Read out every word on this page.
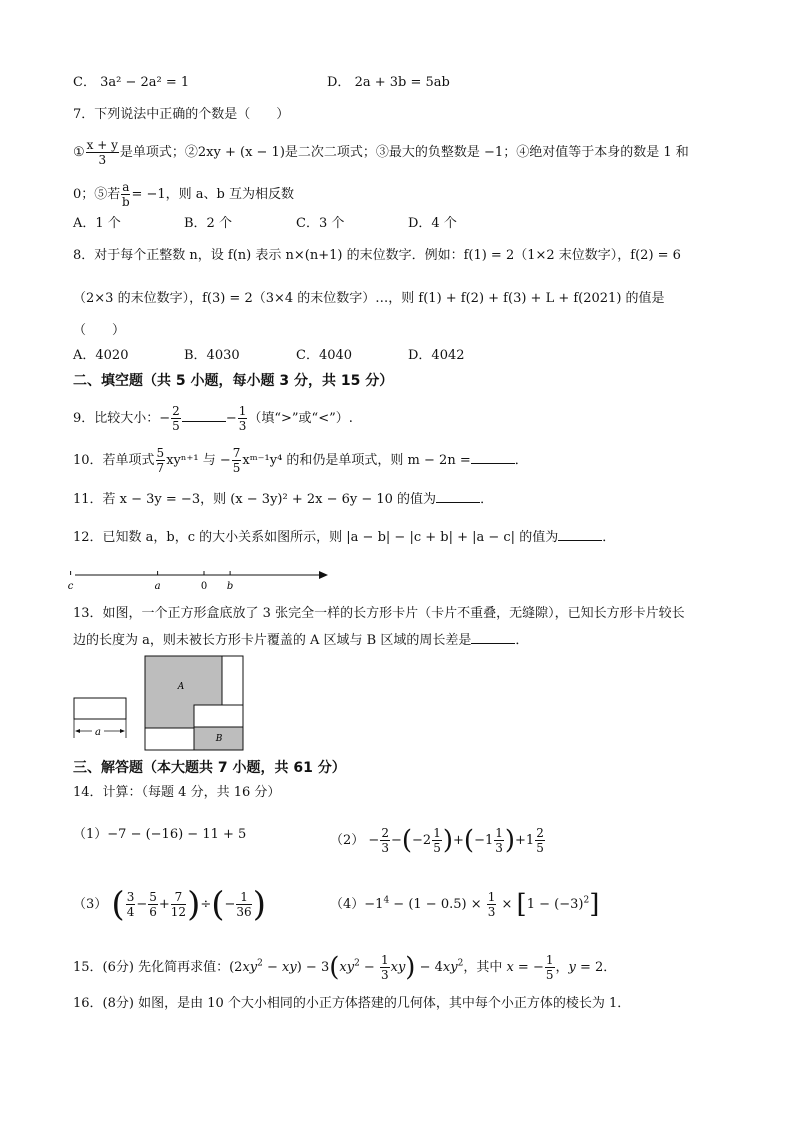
C． 3a² − 2a² = 1	D． 2a + 3b = 5ab
7．下列说法中正确的个数是（　　）
① $\frac{x + y}{3}$ 是单项式；②2xy + (x − 1)是二次二项式；③最大的负整数是 −1；④绝对值等于本身的数是 1 和
0；⑤若 $\frac{a}{b} = -1$，则 a、b 互为相反数
A．1 个	B．2 个	C．3 个	D．4 个
8．对于每个正整数 n，设 f(n) 表示 n×(n+1) 的末位数字．例如：f(1) = 2（1×2 末位数字），f(2) = 6
（2×3 的末位数字），f(3) = 2（3×4 的末位数字）…，则 f(1) + f(2) + f(3) + L + f(2021) 的值是
（　　）
A．4020	B．4030	C．4040	D．4042
二、填空题（共 5 小题，每小题 3 分，共 15 分）
9．比较大小：− $\frac{2}{5}$	− $\frac{1}{3}$ （填“>”或“<”）.
10．若单项式 $\frac{5}{7} xy^{n+1}$ 与 − $\frac{7}{5}$ xᵐ⁻¹y⁴ 的和仍是单项式，则 m − 2n =	．
11．若 x − 3y = −3，则 (x − 3y)² + 2x − 6y − 10 的值为	．
12．已知数 a，b，c 的大小关系如图所示，则 |a − b| − |c + b| + |a − c| 的值为	．
c	a	0 b
13．如图，一个正方形盒底放了 3 张完全一样的长方形卡片（卡片不重叠，无缝隙），已知长方形卡片较长
边的长度为 a，则未被长方形卡片覆盖的 A 区域与 B 区域的周长差是	．
a
A
B
三、解答题（本大题共 7 小题，共 61 分）
14．计算：（每题 4 分，共 16 分）
（1）−7 − (−16) − 11 + 5	$(2) - \frac{2}{3} -(-2 \frac{1}{5} )+(-1 \frac{1}{3} )+1 \frac{2}{5}$
（3） ( $\frac{3}{4} - \frac{5}{6} + \frac{7}{12}$ )÷(− $\frac{1}{36}$ )	$(4)-1^4 - (1 - 0.5) \times \frac{1}{3} \times [1 - (-3)^2]$
15．(6分) 先化简再求值：$(2xy^2 - xy) - 3(xy^2 - \frac{1}{3} xy) - 4xy^2$，其中 x = − $\frac{1}{5}$ ，y = 2．
16．(8分) 如图，是由 10 个大小相同的小正方体搭建的几何体，其中每个小正方体的棱长为 1．
